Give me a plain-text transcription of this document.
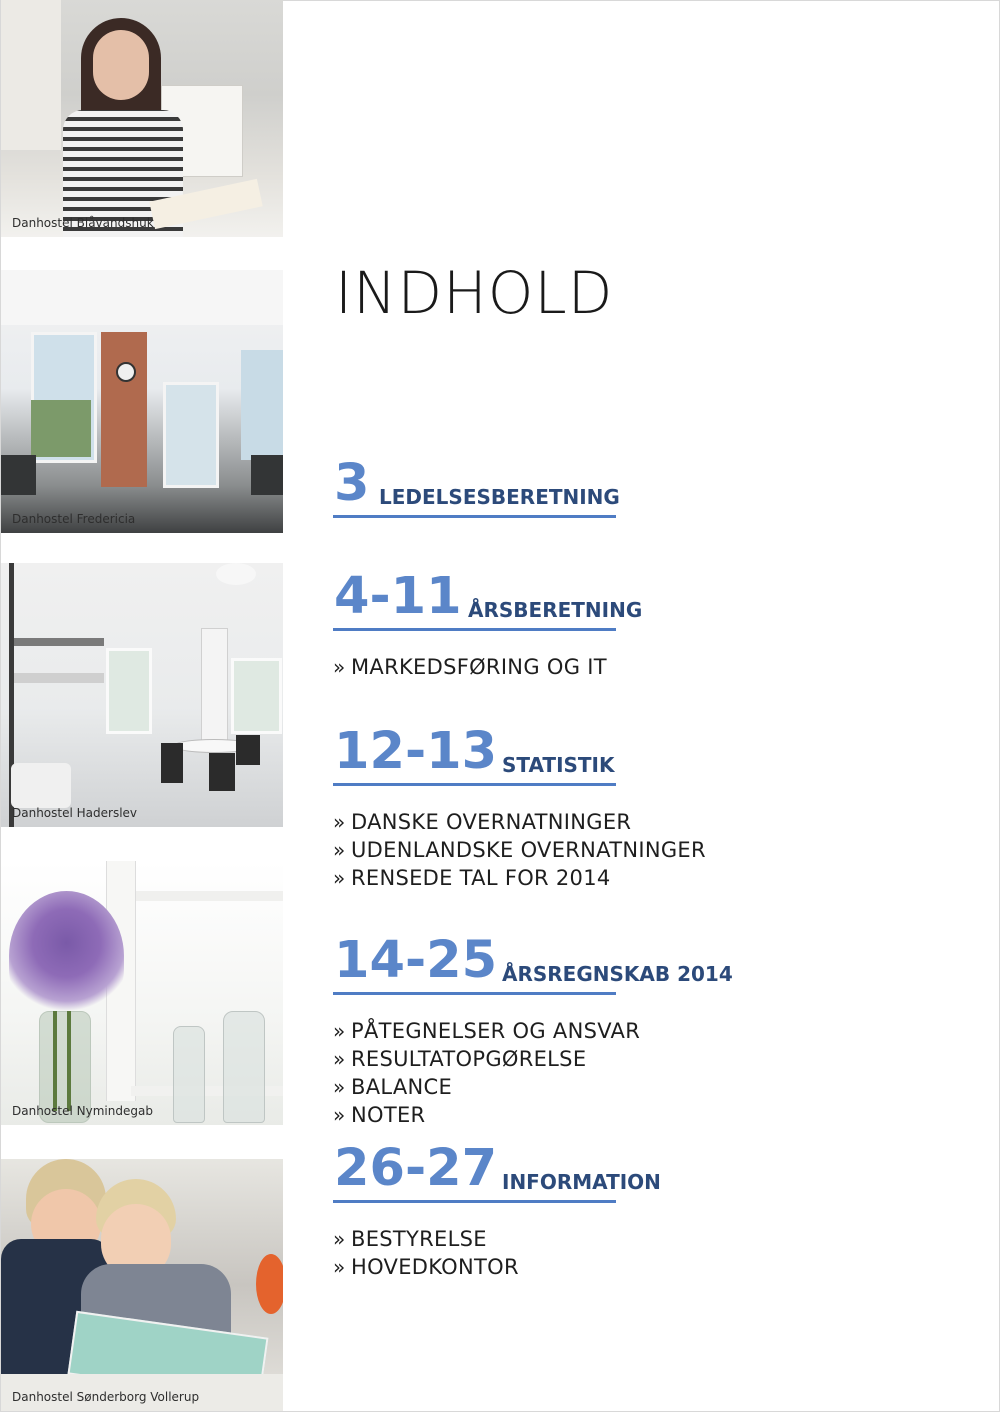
Danhostel Blåvandshuk
Danhostel Fredericia
Danhostel Haderslev
Danhostel Nymindegab
Danhostel Sønderborg Vollerup
INDHOLD
3 LEDELSESBERETNING
4-11 ÅRSBERETNING
» MARKEDSFØRING OG IT
12-13 STATISTIK
» DANSKE OVERNATNINGER
» UDENLANDSKE OVERNATNINGER
» RENSEDE TAL FOR 2014
14-25 ÅRSREGNSKAB 2014
» PÅTEGNELSER OG ANSVAR
» RESULTATOPGØRELSE
» BALANCE
» NOTER
26-27 INFORMATION
» BESTYRELSE
» HOVEDKONTOR
